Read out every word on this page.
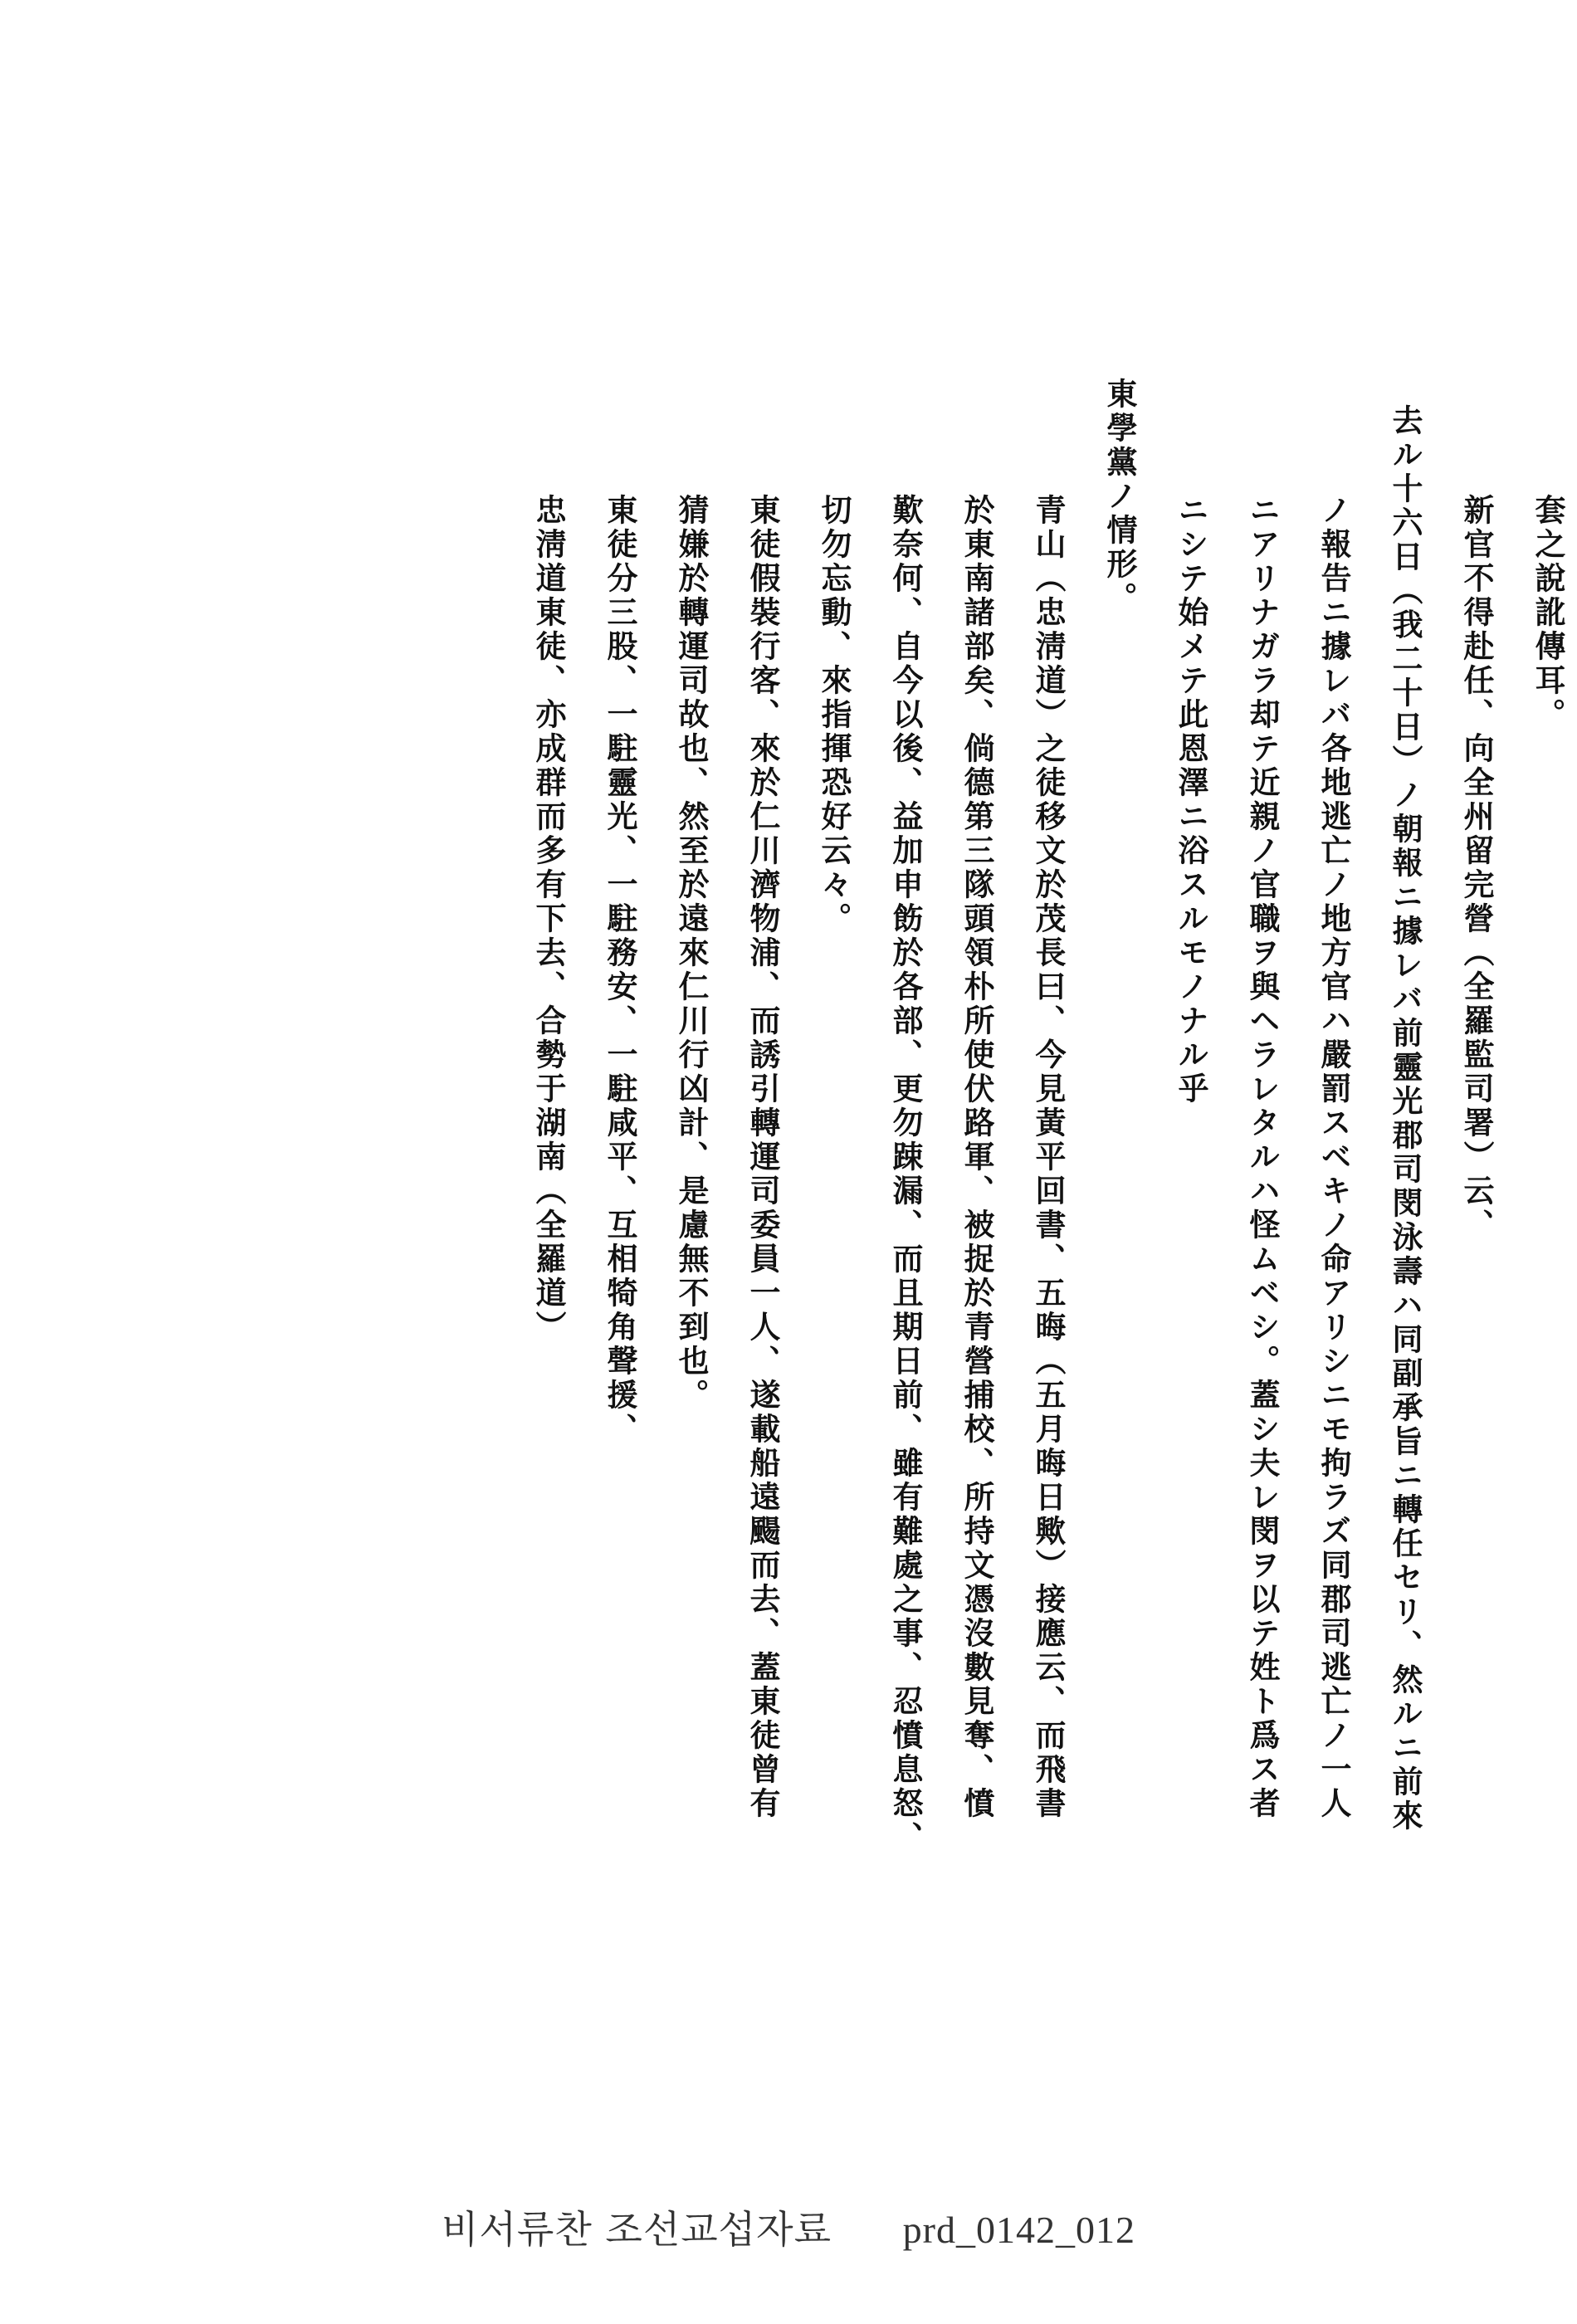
套之說訛傳耳。
新官不得赴任、向全州留完營（全羅監司署）云、
去ル十六日（我二十日）ノ朝報ニ據レバ前靈光郡司閔泳壽ハ同副承旨ニ轉任セリ、然ルニ前來
ノ報告ニ據レバ各地逃亡ノ地方官ハ嚴罰スベキノ命アリシニモ拘ラズ同郡司逃亡ノ一人
ニアリナガラ却テ近親ノ官職ヲ與ヘラレタルハ怪ムベシ。蓋シ夫レ閔ヲ以テ姓ト爲ス者
ニシテ始メテ此恩澤ニ浴スルモノナル乎
東學黨ノ情形。
青山（忠淸道）之徒移文於茂長曰、今見黃平回書、五晦（五月晦日歟）接應云、而飛書
於東南諸部矣、倘德第三隊頭領朴所使伏路軍、被捉於青營捕校、所持文憑沒數見奪、憤
歎奈何、自今以後、益加申飭於各部、更勿踈漏、而且期日前、雖有難處之事、忍憤息怒、
切勿忘動、來指揮恐好云々。
東徒假裝行客、來於仁川濟物浦、而誘引轉運司委員一人、遂載船遠颺而去、蓋東徒曾有
猜嫌於轉運司故也、然至於遠來仁川行凶計、是慮無不到也。
東徒分三股、一駐靈光、一駐務安、一駐咸平、互相犄角聲援、
忠淸道東徒、亦成群而多有下去、合勢于湖南（全羅道）
비서류찬 조선교섭자료 prd_0142_012
